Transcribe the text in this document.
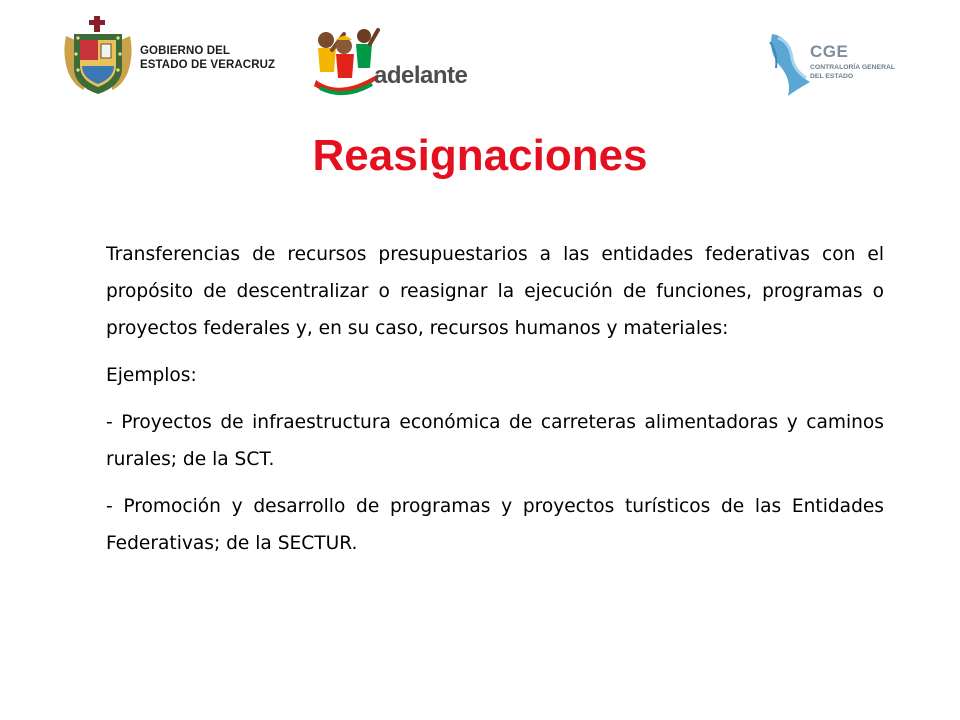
GOBIERNO DEL
ESTADO DE VERACRUZ	adelante
CGE
CONTRALORÍA GENERAL
DEL ESTADO
Reasignaciones

Transferencias de recursos presupuestarios a las entidades federativas con el propósito de descentralizar o reasignar la ejecución de funciones, programas o proyectos federales y, en su caso, recursos humanos y materiales:

Ejemplos:

- Proyectos de infraestructura económica de carreteras alimentadoras y caminos rurales; de la SCT.

- Promoción y desarrollo de programas y proyectos turísticos de las Entidades Federativas; de la SECTUR.
